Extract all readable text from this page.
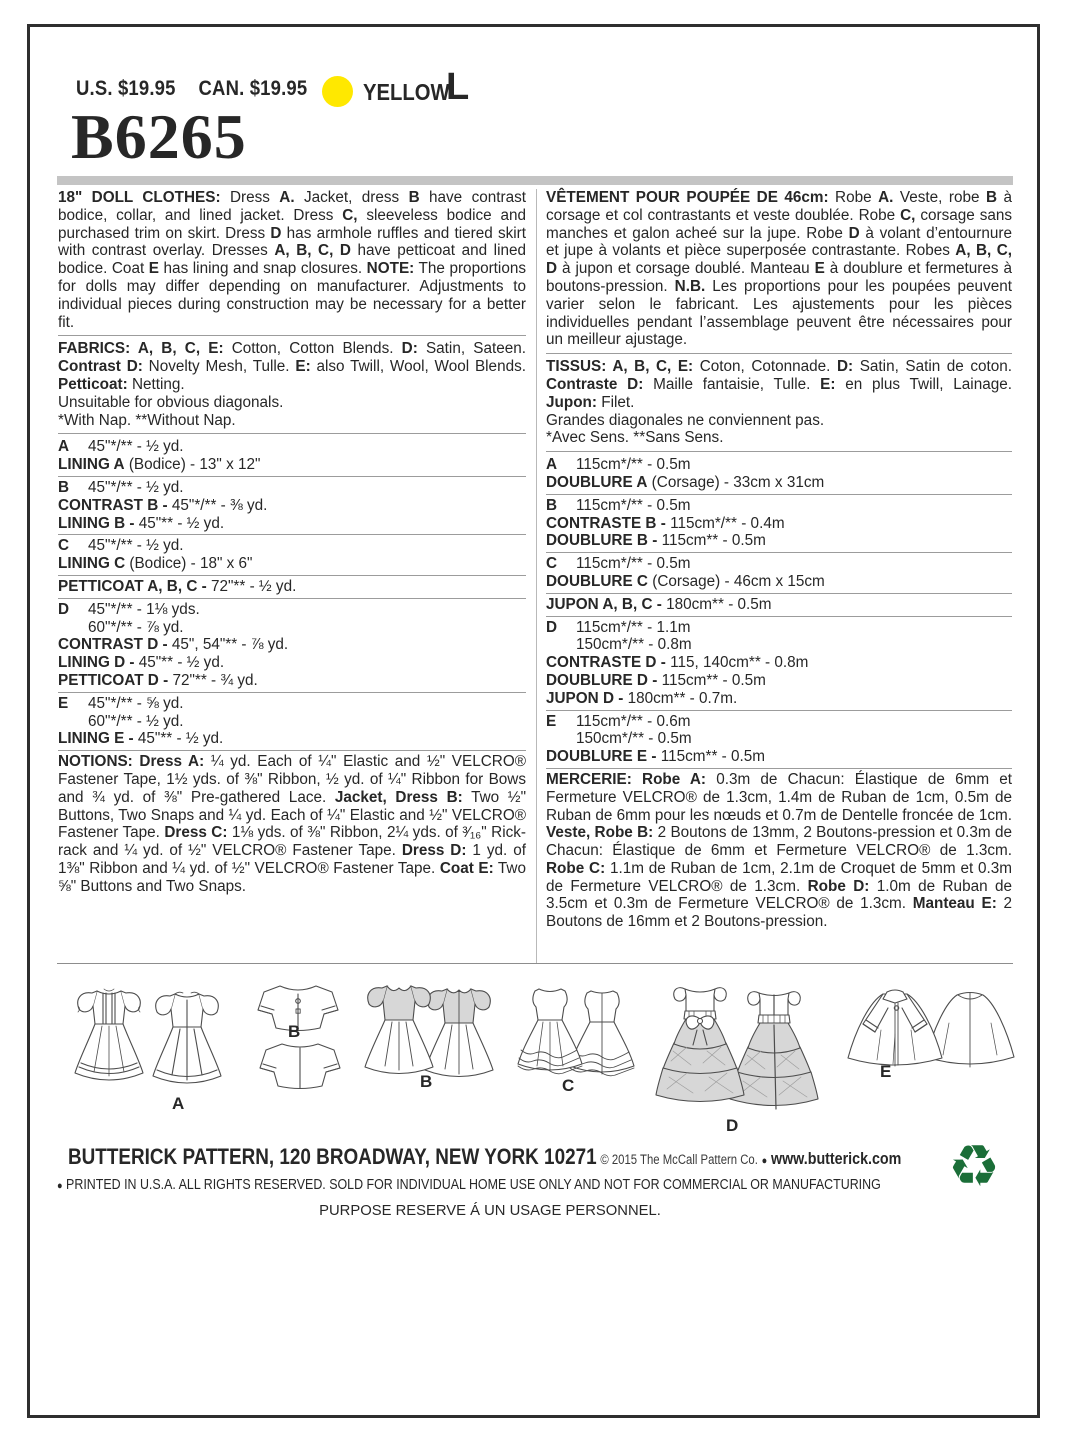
U.S. $19.95 CAN. $19.95 YELLOW
L
B6265

18" DOLL CLOTHES: Dress A. Jacket, dress B have contrast bodice, collar, and lined jacket. Dress C, sleeveless bodice and purchased trim on skirt. Dress D has armhole ruffles and tiered skirt with contrast overlay. Dresses A, B, C, D have petticoat and lined bodice. Coat E has lining and snap closures. NOTE: The proportions for dolls may differ depending on manufacturer. Adjustments to individual pieces during construction may be necessary for a better fit.

FABRICS: A, B, C, E: Cotton, Cotton Blends. D: Satin, Sateen. Contrast D: Novelty Mesh, Tulle. E: also Twill, Wool, Wool Blends. Petticoat: Netting.

Unsuitable for obvious diagonals.
*With Nap. **Without Nap.
A 45"*/** - ½ yd.
LINING A (Bodice) - 13" x 12"
B 45"*/** - ½ yd.
CONTRAST B - 45"*/** - ⅜ yd.
LINING B - 45"** - ½ yd.
C 45"*/** - ½ yd.
LINING C (Bodice) - 18" x 6"
PETTICOAT A, B, C - 72"** - ½ yd.
D 45"*/** - 1⅛ yds.
60"*/** - ⅞ yd.
CONTRAST D - 45", 54"** - ⅞ yd.
LINING D - 45"** - ½ yd.
PETTICOAT D - 72"** - ¾ yd.
E 45"*/** - ⅝ yd.
60"*/** - ½ yd.
LINING E - 45"** - ½ yd.

NOTIONS: Dress A: ¼ yd. Each of ¼" Elastic and ½" VELCRO® Fastener Tape, 1½ yds. of ⅜" Ribbon, ½ yd. of ¼" Ribbon for Bows and ¾ yd. of ⅜" Pre-gathered Lace. Jacket, Dress B: Two ½" Buttons, Two Snaps and ¼ yd. Each of ¼" Elastic and ½" VELCRO® Fastener Tape. Dress C: 1⅛ yds. of ⅜" Ribbon, 2¼ yds. of ³⁄₁₆" Rick-rack and ¼ yd. of ½" VELCRO® Fastener Tape. Dress D: 1 yd. of 1⅜" Ribbon and ¼ yd. of ½" VELCRO® Fastener Tape. Coat E: Two ⅝" Buttons and Two Snaps.

VÊTEMENT POUR POUPÉE DE 46cm: Robe A. Veste, robe B à corsage et col contrastants et veste doublée. Robe C, corsage sans manches et galon acheé sur la jupe. Robe D à volant d’entournure et jupe à volants et pièce superposée contrastante. Robes A, B, C, D à jupon et corsage doublé. Manteau E à doublure et fermetures à boutons-pression. N.B. Les proportions pour les poupées peuvent varier selon le fabricant. Les ajustements pour les pièces individuelles pendant l’assemblage peuvent être nécessaires pour un meilleur ajustage.

TISSUS: A, B, C, E: Coton, Cotonnade. D: Satin, Satin de coton. Contraste D: Maille fantaisie, Tulle. E: en plus Twill, Lainage. Jupon: Filet.

Grandes diagonales ne conviennent pas.
*Avec Sens. **Sans Sens.
A 115cm*/** - 0.5m
DOUBLURE A (Corsage) - 33cm x 31cm
B 115cm*/** - 0.5m
CONTRASTE B - 115cm*/** - 0.4m
DOUBLURE B - 115cm** - 0.5m
C 115cm*/** - 0.5m
DOUBLURE C (Corsage) - 46cm x 15cm
JUPON A, B, C - 180cm** - 0.5m
D 115cm*/** - 1.1m
150cm*/** - 0.8m
CONTRASTE D - 115, 140cm** - 0.8m
DOUBLURE D - 115cm** - 0.5m
JUPON D - 180cm** - 0.7m.
E 115cm*/** - 0.6m
150cm*/** - 0.5m
DOUBLURE E - 115cm** - 0.5m

MERCERIE: Robe A: 0.3m de Chacun: Élastique de 6mm et Fermeture VELCRO® de 1.3cm, 1.4m de Ruban de 1cm, 0.5m de Ruban de 6mm pour les nœuds et 0.7m de Dentelle froncée de 1cm. Veste, Robe B: 2 Boutons de 13mm, 2 Boutons-pression et 0.3m de Chacun: Élastique de 6mm et Fermeture VELCRO® de 1.3cm. Robe C: 1.1m de Ruban de 1cm, 2.1m de Croquet de 5mm et 0.3m de Fermeture VELCRO® de 1.3cm. Robe D: 1.0m de Ruban de 3.5cm et 0.3m de Fermeture VELCRO® de 1.3cm. Manteau E: 2 Boutons de 16mm et 2 Boutons-pression.

A
B
B	C
D
E
BUTTERICK PATTERN, 120 BROADWAY, NEW YORK 10271 © 2015 The McCall Pattern Co. ● www.butterick.com
● PRINTED IN U.S.A. ALL RIGHTS RESERVED. SOLD FOR INDIVIDUAL HOME USE ONLY AND NOT FOR COMMERCIAL OR MANUFACTURING
PURPOSE RESERVE Á UN USAGE PERSONNEL.
♻
